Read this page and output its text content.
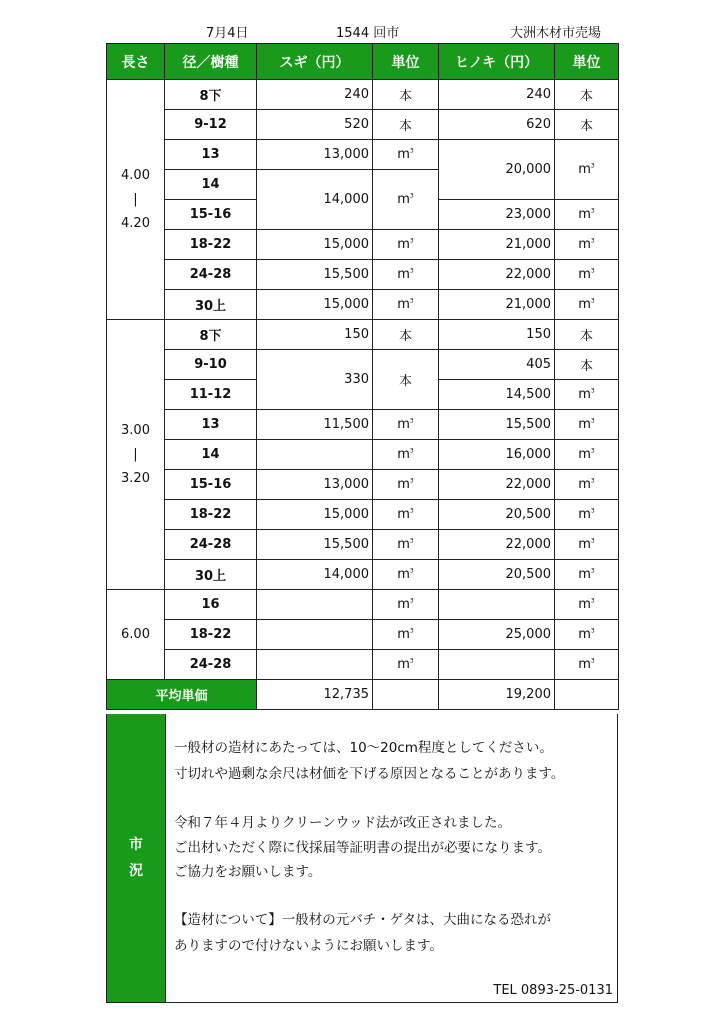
7月4日	1544 回市	大洲木材市売場
長さ	径／樹種	スギ（円）	単位	ヒノキ（円）	単位

4.00
|
4.20	8下	240	本	240	本
	9-12	520	本	620	本
	13	13,000	$m^3$	20,000	$m^3$
	14	14,000	$m^3$
	15-16			23,000	$m^3$
	18-22	15,000	$m^3$	21,000	$m^3$
	24-28	15,500	$m^3$	22,000	$m^3$
	30上	15,000	$m^3$	21,000	$m^3$

3.00
|
3.20	8下	150	本	150	本
	9-10	330	本	405	本
	11-12			14,500	$m^3$
	13	11,500	$m^3$	15,500	$m^3$
	14		$m^3$	16,000	$m^3$
	15-16	13,000	$m^3$	22,000	$m^3$
	18-22	15,000	$m^3$	20,500	$m^3$
	24-28	15,500	$m^3$	22,000	$m^3$
	30上	14,000	$m^3$	20,500	$m^3$

6.00	16		$m^3$		$m^3$
	18-22		$m^3$	25,000	$m^3$
	24-28		$m^3$		$m^3$
平均単価		12,735		19,200	
市
況
一般材の造材にあたっては、10～20cm程度としてください。
寸切れや過剰な余尺は材価を下げる原因となることがあります。
令和７年４月よりクリーンウッド法が改正されました。
ご出材いただく際に伐採届等証明書の提出が必要になります。
ご協力をお願いします。
【造材について】一般材の元バチ・ゲタは、大曲になる恐れが
ありますので付けないようにお願いします。
TEL 0893-25-0131
